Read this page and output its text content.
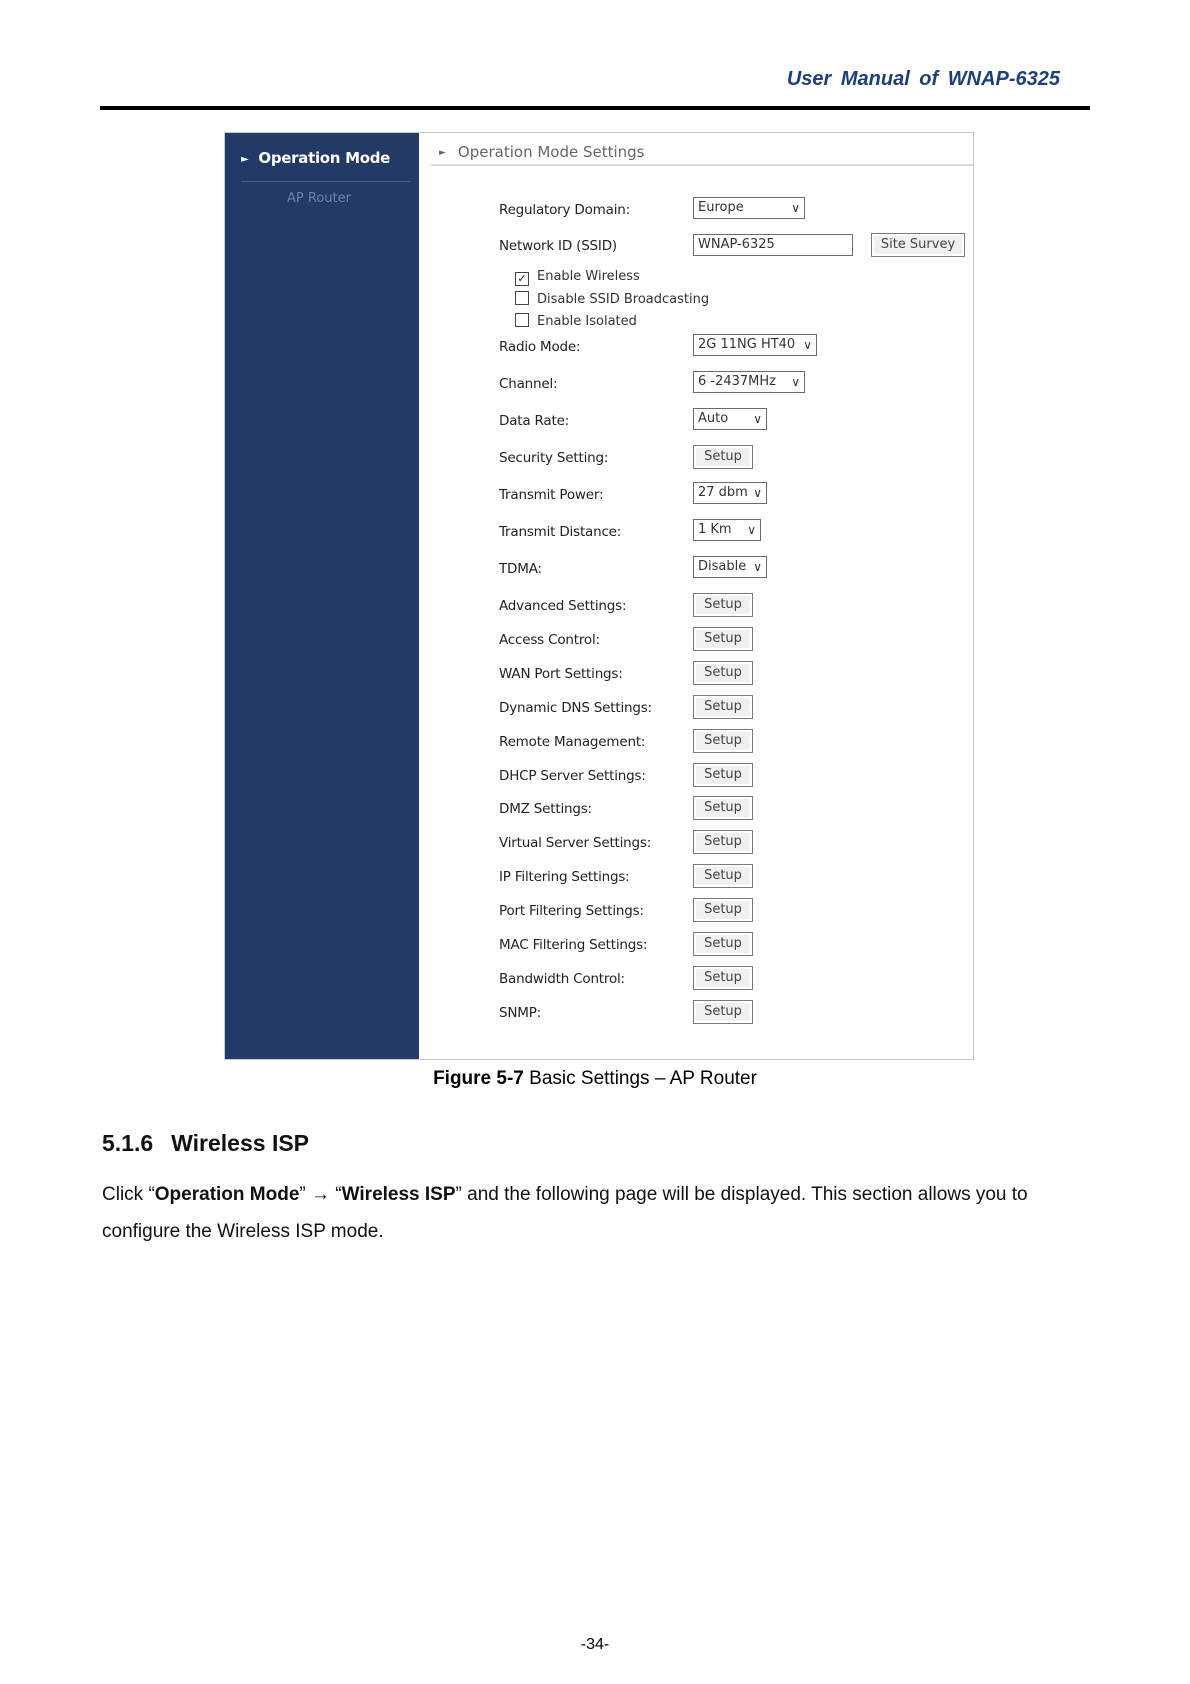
User Manual of WNAP-6325
► Operation Mode
AP Router
► Operation Mode Settings
Regulatory Domain:	Europe	∨
Network ID (SSID)	WNAP-6325	Site Survey
✓ Enable Wireless
Disable SSID Broadcasting
Enable Isolated
Radio Mode:	2G 11NG HT40 ∨
Channel:	6 -2437MHz ∨
Data Rate:	Auto ∨
Security Setting:	Setup
Transmit Power:	27 dbm ∨
Transmit Distance:	1 Km ∨
TDMA:	Disable ∨
Advanced Settings:	Setup
Access Control:	Setup
WAN Port Settings:	Setup
Dynamic DNS Settings:	Setup
Remote Management:	Setup
DHCP Server Settings:	Setup
DMZ Settings:	Setup
Virtual Server Settings:	Setup
IP Filtering Settings:	Setup
Port Filtering Settings:	Setup
MAC Filtering Settings:	Setup
Bandwidth Control:	Setup
SNMP:	Setup
Figure 5-7 Basic Settings – AP Router
5.1.6 Wireless ISP
Click “Operation Mode” → “Wireless ISP” and the following page will be displayed. This section allows you to configure the Wireless ISP mode.
-34-
